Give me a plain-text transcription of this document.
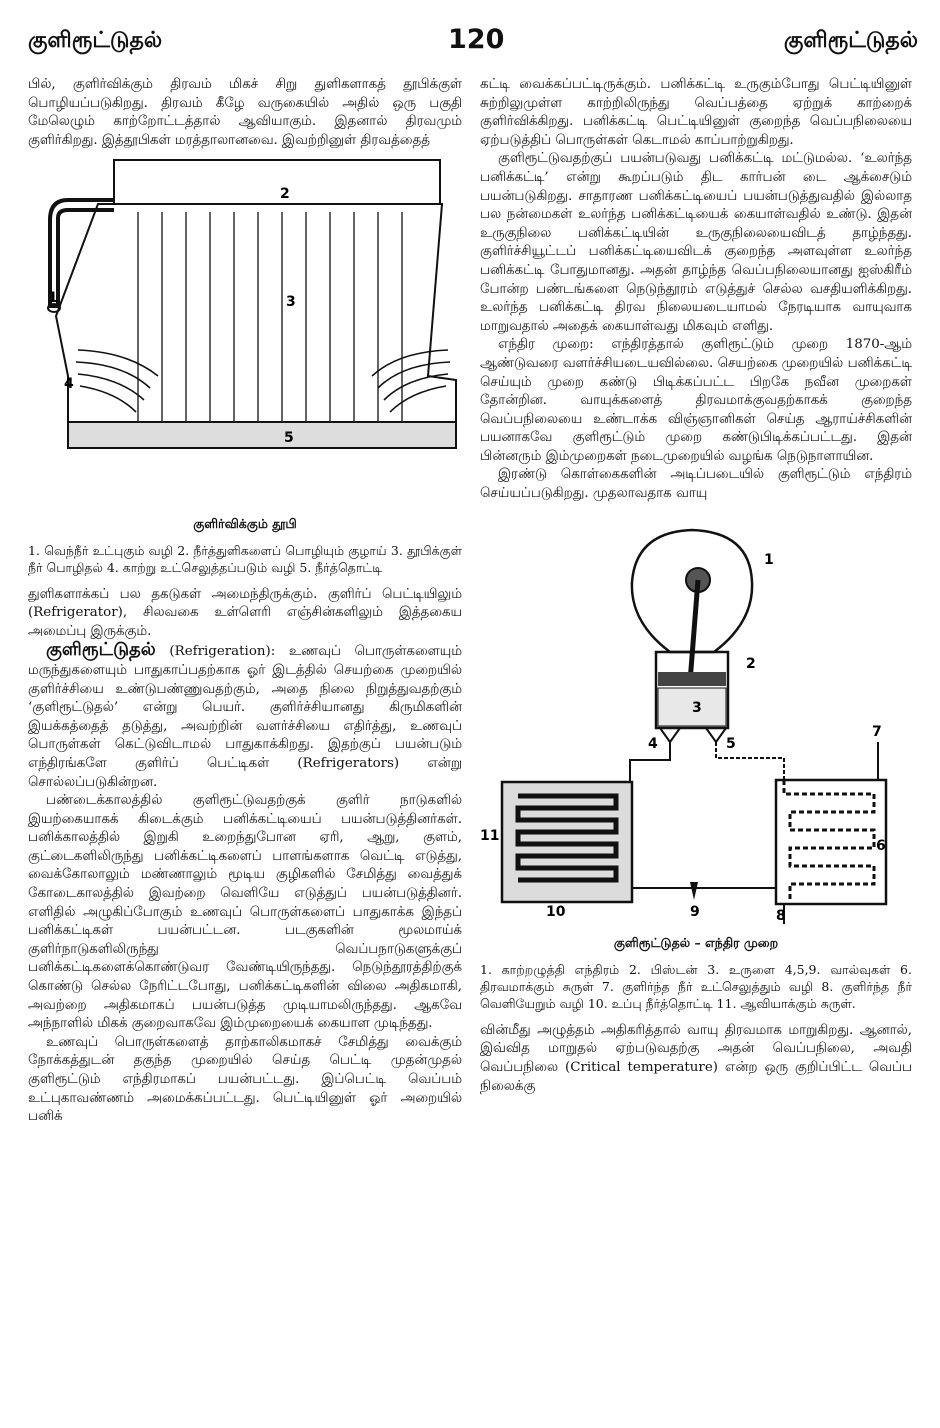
குளிரூட்டுதல்	120	குளிரூட்டுதல்

பில், குளிர்விக்கும் திரவம் மிகச் சிறு துளிகளாகத் தூபிக்குள் பொழியப்படுகிறது. திரவம் கீழே வருகையில் அதில் ஒரு பகுதி மேலெழும் காற்றோட்டத்தால் ஆவியாகும். இதனால் திரவமும் குளிர்கிறது. இத்தூபிகள் மரத்தாலானவை. இவற்றினுள் திரவத்தைத்

1
2
3
4
5
குளிர்விக்கும் தூபி
1. வெந்நீர் உட்புகும் வழி 2. நீர்த்துளிகளைப் பொழியும் குழாய் 3. தூபிக்குள் நீர் பொழிதல் 4. காற்று உட்செலுத்தப்படும் வழி 5. நீர்த்தொட்டி

துளிகளாக்கப் பல தகடுகள் அமைந்திருக்கும். குளிர்ப் பெட்டியிலும் (Refrigerator), சிலவகை உள்ளெரி எஞ்சின்களிலும் இத்தகைய அமைப்பு இருக்கும்.

குளிரூட்டுதல் (Refrigeration): உணவுப் பொருள்களையும் மருந்துகளையும் பாதுகாப்பதற்காக ஓர் இடத்தில் செயற்கை முறையில் குளிர்ச்சியை உண்டுபண்ணுவதற்கும், அதை நிலை நிறுத்துவதற்கும் ‘குளிரூட்டுதல்’ என்று பெயர். குளிர்ச்சியானது கிருமிகளின் இயக்கத்தைத் தடுத்து, அவற்றின் வளர்ச்சியை எதிர்த்து, உணவுப் பொருள்கள் கெட்டுவிடாமல் பாதுகாக்கிறது. இதற்குப் பயன்படும் எந்திரங்களே குளிர்ப் பெட்டிகள் (Refrigerators) என்று சொல்லப்படுகின்றன.

பண்டைக்காலத்தில் குளிரூட்டுவதற்குக் குளிர் நாடுகளில் இயற்கையாகக் கிடைக்கும் பனிக்கட்டியைப் பயன்படுத்தினர்கள். பனிக்காலத்தில் இறுகி உறைந்துபோன ஏரி, ஆறு, குளம், குட்டைகளிலிருந்து பனிக்கட்டிகளைப் பாளங்களாக வெட்டி எடுத்து, வைக்கோலாலும் மண்ணாலும் மூடிய குழிகளில் சேமித்து வைத்துக் கோடைகாலத்தில் இவற்றை வெளியே எடுத்துப் பயன்படுத்தினர். எளிதில் அழுகிப்போகும் உணவுப் பொருள்களைப் பாதுகாக்க இந்தப் பனிக்கட்டிகள் பயன்பட்டன. படகுகளின் மூலமாய்க் குளிர்நாடுகளிலிருந்து வெப்பநாடுகளுக்குப் பனிக்கட்டிகளைக்கொண்டுவர வேண்டியிருந்தது. நெடுந்தூரத்திற்குக் கொண்டு செல்ல நேரிட்டபோது, பனிக்கட்டிகளின் விலை அதிகமாகி, அவற்றை அதிகமாகப் பயன்படுத்த முடியாமலிருந்தது. ஆகவே அந்நாளில் மிகக் குறைவாகவே இம்முறையைக் கையாள முடிந்தது.

உணவுப் பொருள்களைத் தாற்காலிகமாகச் சேமித்து வைக்கும் நோக்கத்துடன் தகுந்த முறையில் செய்த பெட்டி முதன்முதல் குளிரூட்டும் எந்திரமாகப் பயன்பட்டது. இப்பெட்டி வெப்பம் உட்புகாவண்ணம் அமைக்கப்பட்டது. பெட்டியினுள் ஓர் அறையில் பனிக்

கட்டி வைக்கப்பட்டிருக்கும். பனிக்கட்டி உருகும்போது பெட்டியினுள் சுற்றிலுமுள்ள காற்றிலிருந்து வெப்பத்தை ஏற்றுக் காற்றைக் குளிர்விக்கிறது. பனிக்கட்டி பெட்டியினுள் குறைந்த வெப்பநிலையை ஏற்படுத்திப் பொருள்கள் கெடாமல் காப்பாற்றுகிறது.

குளிரூட்டுவதற்குப் பயன்படுவது பனிக்கட்டி மட்டுமல்ல. ‘உலர்ந்த பனிக்கட்டி’ என்று கூறப்படும் திட கார்பன் டை ஆக்சைடும் பயன்படுகிறது. சாதாரண பனிக்கட்டியைப் பயன்படுத்துவதில் இல்லாத பல நன்மைகள் உலர்ந்த பனிக்கட்டியைக் கையாள்வதில் உண்டு. இதன் உருகுநிலை பனிக்கட்டியின் உருகுநிலையைவிடத் தாழ்ந்தது. குளிர்ச்சியூட்டப் பனிக்கட்டியைவிடக் குறைந்த அளவுள்ள உலர்ந்த பனிக்கட்டி போதுமானது. அதன் தாழ்ந்த வெப்பநிலையானது ஐஸ்கிரீம் போன்ற பண்டங்களை நெடுந்தூரம் எடுத்துச் செல்ல வசதியளிக்கிறது. உலர்ந்த பனிக்கட்டி திரவ நிலையடையாமல் நேரடியாக வாயுவாக மாறுவதால் அதைக் கையாள்வது மிகவும் எளிது.

எந்திர முறை: எந்திரத்தால் குளிரூட்டும் முறை 1870-ஆம் ஆண்டுவரை வளர்ச்சியடையவில்லை. செயற்கை முறையில் பனிக்கட்டி செய்யும் முறை கண்டு பிடிக்கப்பட்ட பிறகே நவீன முறைகள் தோன்றின. வாயுக்களைத் திரவமாக்குவதற்காகக் குறைந்த வெப்பநிலையை உண்டாக்க விஞ்ஞானிகள் செய்த ஆராய்ச்சிகளின் பயனாகவே குளிரூட்டும் முறை கண்டுபிடிக்கப்பட்டது. இதன் பின்னரும் இம்முறைகள் நடைமுறையில் வழங்க நெடுநாளாயின.

இரண்டு கொள்கைகளின் அடிப்படையில் குளிரூட்டும் எந்திரம் செய்யப்படுகிறது. முதலாவதாக வாயு

1
2
3
4	5
6
7
8
9
10
11
குளிரூட்டுதல் – எந்திர முறை
1. காற்றழுத்தி எந்திரம் 2. பிஸ்டன் 3. உருளை 4,5,9. வால்வுகள் 6. திரவமாக்கும் சுருள் 7. குளிர்ந்த நீர் உட்செலுத்தும் வழி 8. குளிர்ந்த நீர் வெளியேறும் வழி 10. உப்பு நீர்த்தொட்டி 11. ஆவியாக்கும் சுருள்.

வின்மீது அழுத்தம் அதிகரித்தால் வாயு திரவமாக மாறுகிறது. ஆனால், இவ்வித மாறுதல் ஏற்படுவதற்கு அதன் வெப்பநிலை, அவதி வெப்பநிலை (Critical temperature) என்ற ஒரு குறிப்பிட்ட வெப்ப நிலைக்கு
